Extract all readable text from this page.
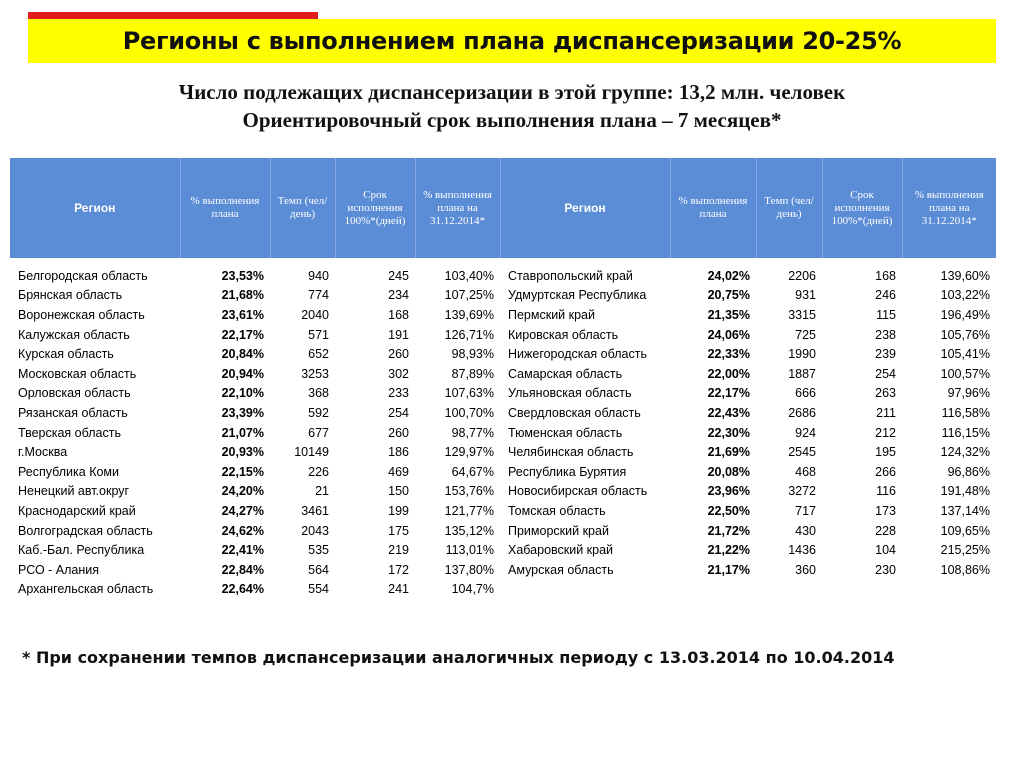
Регионы с выполнением плана диспансеризации 20-25%
Число подлежащих диспансеризации в этой группе: 13,2 млн. человек
Ориентировочный срок выполнения плана – 7 месяцев*
Регион	% выполнения плана	Темп (чел/день)	Срок исполнения 100%*(дней)	% выполнения плана на 31.12.2014*	Регион	% выполнения плана	Темп (чел/день)	Срок исполнения 100%*(дней)	% выполнения плана на 31.12.2014*
Белгородская область	23,53%	940	245	103,40%	Ставропольский край	24,02%	2206	168	139,60%
Брянская область	21,68%	774	234	107,25%	Удмуртская Республика	20,75%	931	246	103,22%
Воронежская область	23,61%	2040	168	139,69%	Пермский край	21,35%	3315	115	196,49%
Калужская область	22,17%	571	191	126,71%	Кировская область	24,06%	725	238	105,76%
Курская область	20,84%	652	260	98,93%	Нижегородская область	22,33%	1990	239	105,41%
Московская область	20,94%	3253	302	87,89%	Самарская область	22,00%	1887	254	100,57%
Орловская область	22,10%	368	233	107,63%	Ульяновская область	22,17%	666	263	97,96%
Рязанская область	23,39%	592	254	100,70%	Свердловская область	22,43%	2686	211	116,58%
Тверская область	21,07%	677	260	98,77%	Тюменская область	22,30%	924	212	116,15%
г.Москва	20,93%	10149	186	129,97%	Челябинская область	21,69%	2545	195	124,32%
Республика Коми	22,15%	226	469	64,67%	Республика Бурятия	20,08%	468	266	96,86%
Ненецкий авт.округ	24,20%	21	150	153,76%	Новосибирская область	23,96%	3272	116	191,48%
Краснодарский край	24,27%	3461	199	121,77%	Томская область	22,50%	717	173	137,14%
Волгоградская область	24,62%	2043	175	135,12%	Приморский край	21,72%	430	228	109,65%
Каб.-Бал. Республика	22,41%	535	219	113,01%	Хабаровский край	21,22%	1436	104	215,25%
РСО - Алания	22,84%	564	172	137,80%	Амурская область	21,17%	360	230	108,86%
Архангельская область	22,64%	554	241	104,7%					
* При сохранении темпов диспансеризации аналогичных периоду с 13.03.2014 по 10.04.2014
